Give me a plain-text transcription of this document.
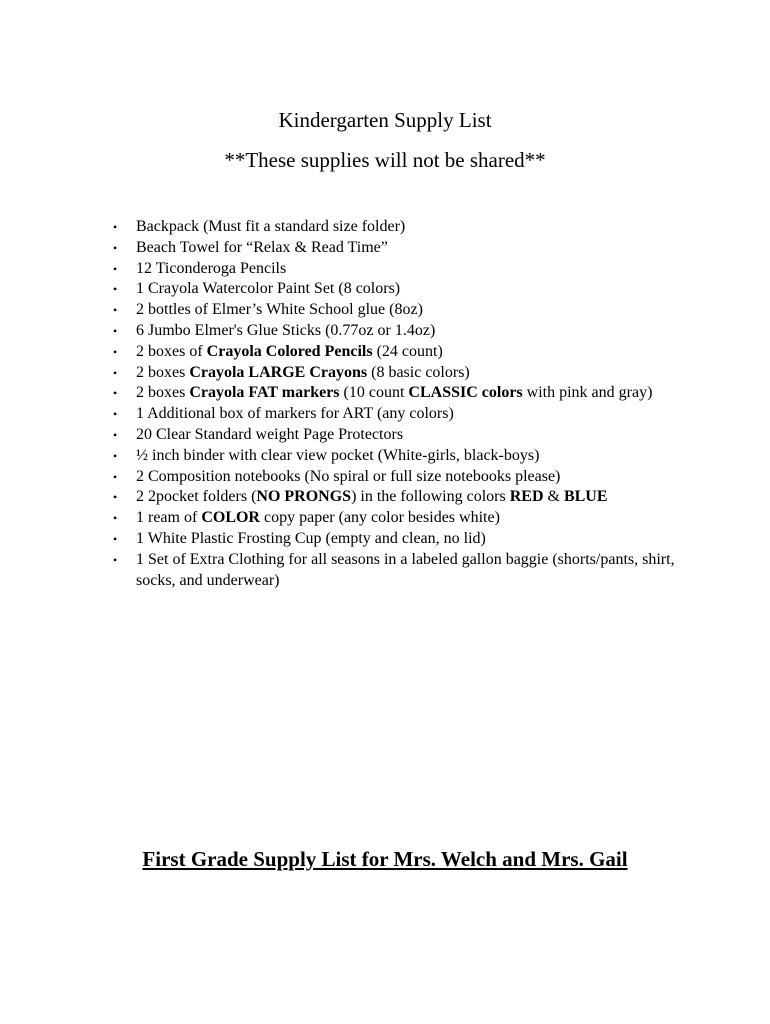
Kindergarten Supply List
**These supplies will not be shared**
• Backpack (Must fit a standard size folder)
• Beach Towel for “Relax & Read Time”
• 12 Ticonderoga Pencils
• 1 Crayola Watercolor Paint Set (8 colors)
• 2 bottles of Elmer’s White School glue (8oz)
• 6 Jumbo Elmer's Glue Sticks (0.77oz or 1.4oz)
• 2 boxes of Crayola Colored Pencils (24 count)
• 2 boxes Crayola LARGE Crayons (8 basic colors)
• 2 boxes Crayola FAT markers (10 count CLASSIC colors with pink and gray)
• 1 Additional box of markers for ART (any colors)
• 20 Clear Standard weight Page Protectors
• ½ inch binder with clear view pocket (White-girls, black-boys)
• 2 Composition notebooks (No spiral or full size notebooks please)
• 2 2pocket folders (NO PRONGS) in the following colors RED & BLUE
• 1 ream of COLOR copy paper (any color besides white)
• 1 White Plastic Frosting Cup (empty and clean, no lid)
• 1 Set of Extra Clothing for all seasons in a labeled gallon baggie (shorts/pants, shirt, socks, and underwear)
First Grade Supply List for Mrs. Welch and Mrs. Gail
